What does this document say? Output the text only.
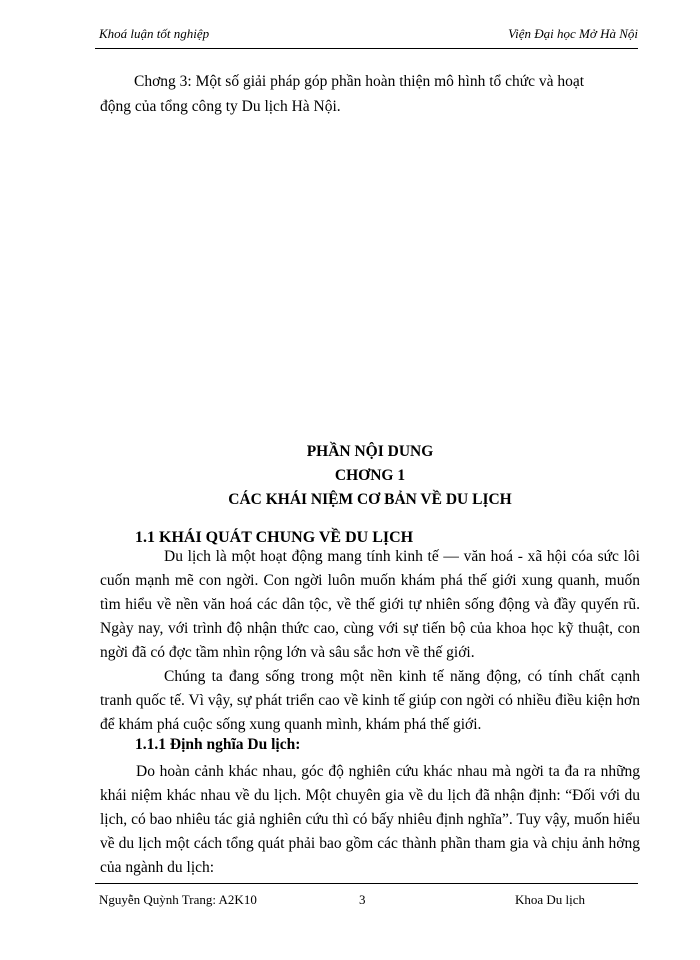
Khoá luận tốt nghiệp	Viện Đại học Mở Hà Nội
Chơng 3: Một số giải pháp góp phần hoàn thiện mô hình tổ chức và hoạt
động của tổng công ty Du lịch Hà Nội.
PHẦN NỘI DUNG
CHƠNG 1
CÁC KHÁI NIỆM CƠ BẢN VỀ DU LỊCH
1.1 KHÁI QUÁT CHUNG VỀ DU LỊCH
Du lịch là một hoạt động mang tính kinh tế — văn hoá - xã hội cóa sức lôi cuốn mạnh mẽ con ngời. Con ngời luôn muốn khám phá thế giới xung quanh, muốn tìm hiểu về nền văn hoá các dân tộc, về thế giới tự nhiên sống động và đầy quyến rũ. Ngày nay, với trình độ nhận thức cao, cùng với sự tiến bộ của khoa học kỹ thuật, con ngời đã có đợc tầm nhìn rộng lớn và sâu sắc hơn về thế giới.
Chúng ta đang sống trong một nền kinh tế năng động, có tính chất cạnh tranh quốc tế. Vì vậy, sự phát triển cao về kinh tế giúp con ngời có nhiều điều kiện hơn để khám phá cuộc sống xung quanh mình, khám phá thế giới.
1.1.1 Định nghĩa Du lịch:
Do hoàn cảnh khác nhau, góc độ nghiên cứu khác nhau mà ngời ta đa ra những khái niệm khác nhau về du lịch. Một chuyên gia về du lịch đã nhận định: “Đối với du lịch, có bao nhiêu tác giả nghiên cứu thì có bấy nhiêu định nghĩa”. Tuy vậy, muốn hiểu về du lịch một cách tổng quát phải bao gồm các thành phần tham gia và chịu ảnh hởng của ngành du lịch:
Nguyễn Quỳnh Trang: A2K10	3	Khoa Du lịch
